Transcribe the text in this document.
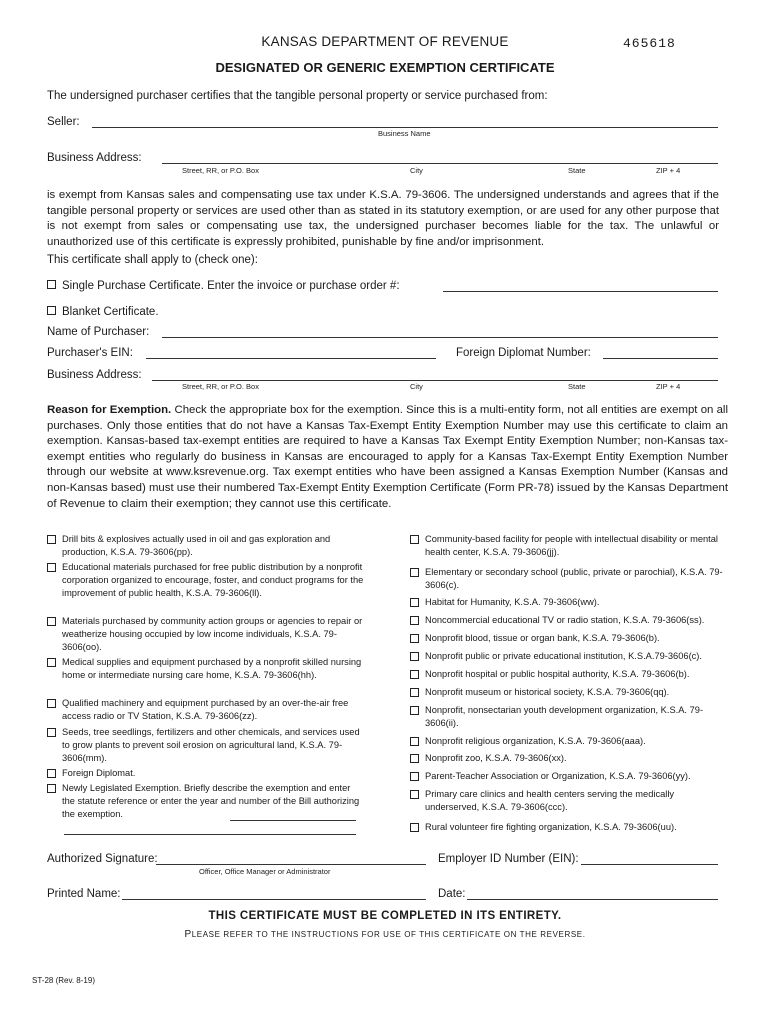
KANSAS DEPARTMENT OF REVENUE	465618
DESIGNATED OR GENERIC EXEMPTION CERTIFICATE
The undersigned purchaser certifies that the tangible personal property or service purchased from:
Seller:
Business Name
Business Address:
Street, RR, or P.O. Box	City	State	ZIP + 4
is exempt from Kansas sales and compensating use tax under K.S.A. 79-3606. The undersigned understands and agrees that if the tangible personal property or services are used other than as stated in its statutory exemption, or are used for any other purpose that is not exempt from sales or compensating use tax, the undersigned purchaser becomes liable for the tax. The unlawful or unauthorized use of this certificate is expressly prohibited, punishable by fine and/or imprisonment.
This certificate shall apply to (check one):
Single Purchase Certificate. Enter the invoice or purchase order #:
Blanket Certificate.
Name of Purchaser:
Purchaser's EIN:	Foreign Diplomat Number:
Business Address:
Street, RR, or P.O. Box	City	State	ZIP + 4
Reason for Exemption. Check the appropriate box for the exemption. Since this is a multi-entity form, not all entities are exempt on all purchases. Only those entities that do not have a Kansas Tax-Exempt Entity Exemption Number may use this certificate to claim an exemption. Kansas-based tax-exempt entities are required to have a Kansas Tax Exempt Entity Exemption Number; non-Kansas tax-exempt entities who regularly do business in Kansas are encouraged to apply for a Kansas Tax-Exempt Entity Exemption Number through our website at www.ksrevenue.org. Tax exempt entities who have been assigned a Kansas Exemption Number (Kansas and non-Kansas based) must use their numbered Tax-Exempt Entity Exemption Certificate (Form PR-78) issued by the Kansas Department of Revenue to claim their exemption; they cannot use this certificate.
Drill bits & explosives actually used in oil and gas exploration and production, K.S.A. 79-3606(pp).
Educational materials purchased for free public distribution by a nonprofit corporation organized to encourage, foster, and conduct programs for the improvement of public health, K.S.A. 79-3606(ll).
Materials purchased by community action groups or agencies to repair or weatherize housing occupied by low income individuals, K.S.A. 79-3606(oo).
Medical supplies and equipment purchased by a nonprofit skilled nursing home or intermediate nursing care home, K.S.A. 79-3606(hh).
Qualified machinery and equipment purchased by an over-the-air free access radio or TV Station, K.S.A. 79-3606(zz).
Seeds, tree seedlings, fertilizers and other chemicals, and services used to grow plants to prevent soil erosion on agricultural land, K.S.A. 79-3606(mm).
Foreign Diplomat.
Newly Legislated Exemption. Briefly describe the exemption and enter the statute reference or enter the year and number of the Bill authorizing the exemption.
Community-based facility for people with intellectual disability or mental health center, K.S.A. 79-3606(jj).
Elementary or secondary school (public, private or parochial), K.S.A. 79-3606(c).
Habitat for Humanity, K.S.A. 79-3606(ww).
Noncommercial educational TV or radio station, K.S.A. 79-3606(ss).
Nonprofit blood, tissue or organ bank, K.S.A. 79-3606(b).
Nonprofit public or private educational institution, K.S.A.79-3606(c).
Nonprofit hospital or public hospital authority, K.S.A. 79-3606(b).
Nonprofit museum or historical society, K.S.A. 79-3606(qq).
Nonprofit, nonsectarian youth development organization, K.S.A. 79-3606(ii).
Nonprofit religious organization, K.S.A. 79-3606(aaa).
Nonprofit zoo, K.S.A. 79-3606(xx).
Parent-Teacher Association or Organization, K.S.A. 79-3606(yy).
Primary care clinics and health centers serving the medically underserved, K.S.A. 79-3606(ccc).
Rural volunteer fire fighting organization, K.S.A. 79-3606(uu).
Authorized Signature:
Officer, Office Manager or Administrator
Employer ID Number (EIN):
Printed Name:	Date:
THIS CERTIFICATE MUST BE COMPLETED IN ITS ENTIRETY.
PLEASE REFER TO THE INSTRUCTIONS FOR USE OF THIS CERTIFICATE ON THE REVERSE.
ST-28 (Rev. 8-19)
